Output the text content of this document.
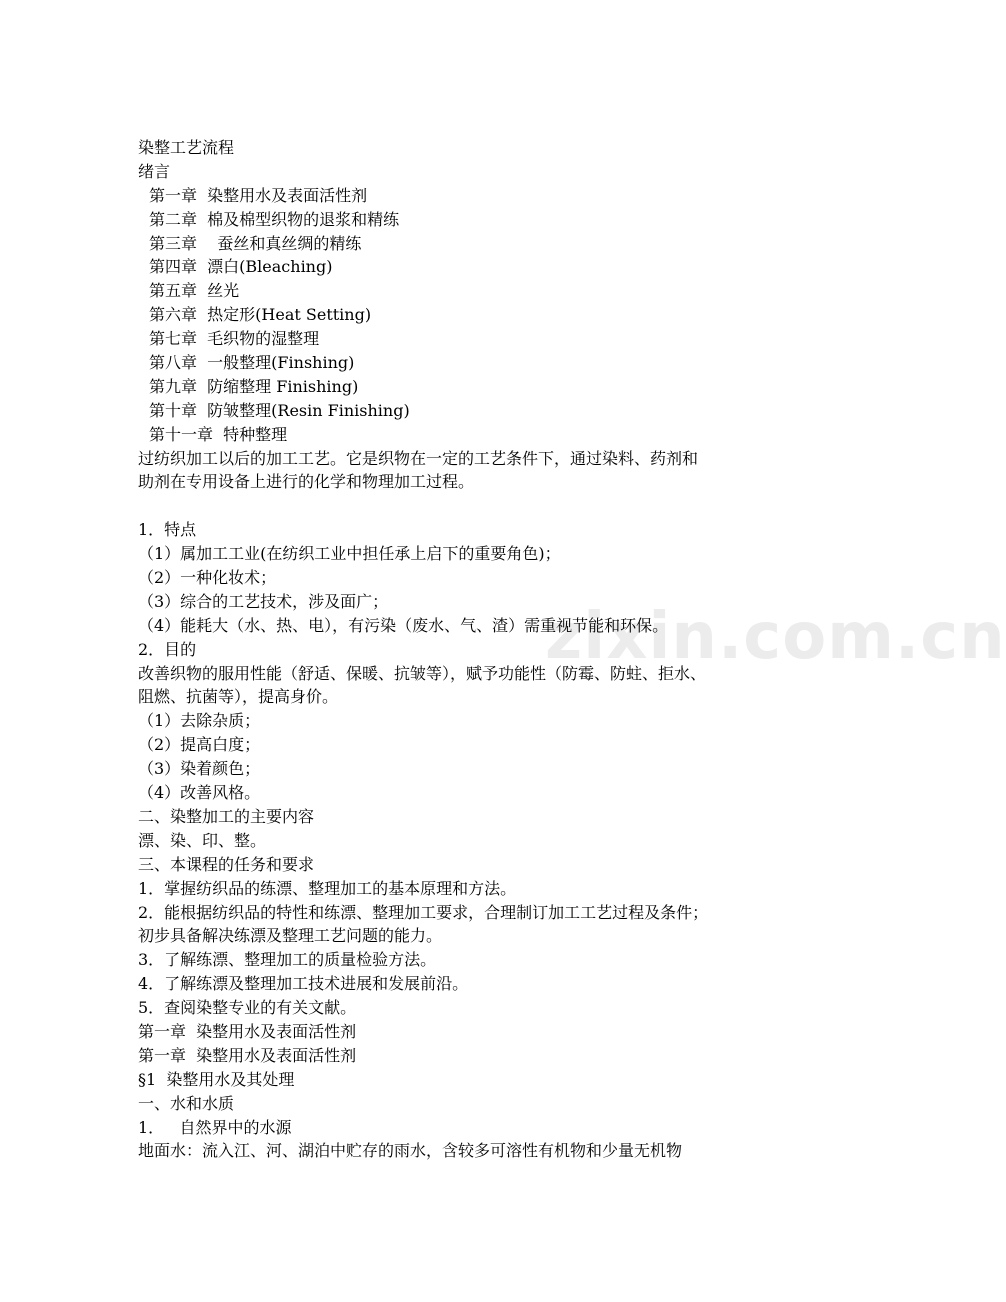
zixin.com.cn
染整工艺流程
绪言
第一章  染整用水及表面活性剂
第二章  棉及棉型织物的退浆和精练
第三章    蚕丝和真丝绸的精练
第四章  漂白(Bleaching)
第五章  丝光
第六章  热定形(Heat Setting)
第七章  毛织物的湿整理
第八章  一般整理(Finshing)
第九章  防缩整理 Finishing)
第十章  防皱整理(Resin Finishing)
第十一章  特种整理
过纺织加工以后的加工工艺。它是织物在一定的工艺条件下，通过染料、药剂和
助剂在专用设备上进行的化学和物理加工过程。
1．特点
（1）属加工工业(在纺织工业中担任承上启下的重要角色)；
（2）一种化妆术；
（3）综合的工艺技术，涉及面广；
（4）能耗大（水、热、电），有污染（废水、气、渣）需重视节能和环保。
2．目的
改善织物的服用性能（舒适、保暖、抗皱等），赋予功能性（防霉、防蛀、拒水、
阻燃、抗菌等），提高身价。
（1）去除杂质；
（2）提高白度；
（3）染着颜色；
（4）改善风格。
二、染整加工的主要内容
漂、染、印、整。
三、本课程的任务和要求
1．掌握纺织品的练漂、整理加工的基本原理和方法。
2．能根据纺织品的特性和练漂、整理加工要求，合理制订加工工艺过程及条件；
初步具备解决练漂及整理工艺问题的能力。
3．了解练漂、整理加工的质量检验方法。
4．了解练漂及整理加工技术进展和发展前沿。
5．查阅染整专业的有关文献。
第一章  染整用水及表面活性剂
第一章  染整用水及表面活性剂
§1  染整用水及其处理
一、水和水质
1．   自然界中的水源
地面水：流入江、河、湖泊中贮存的雨水，含较多可溶性有机物和少量无机物
